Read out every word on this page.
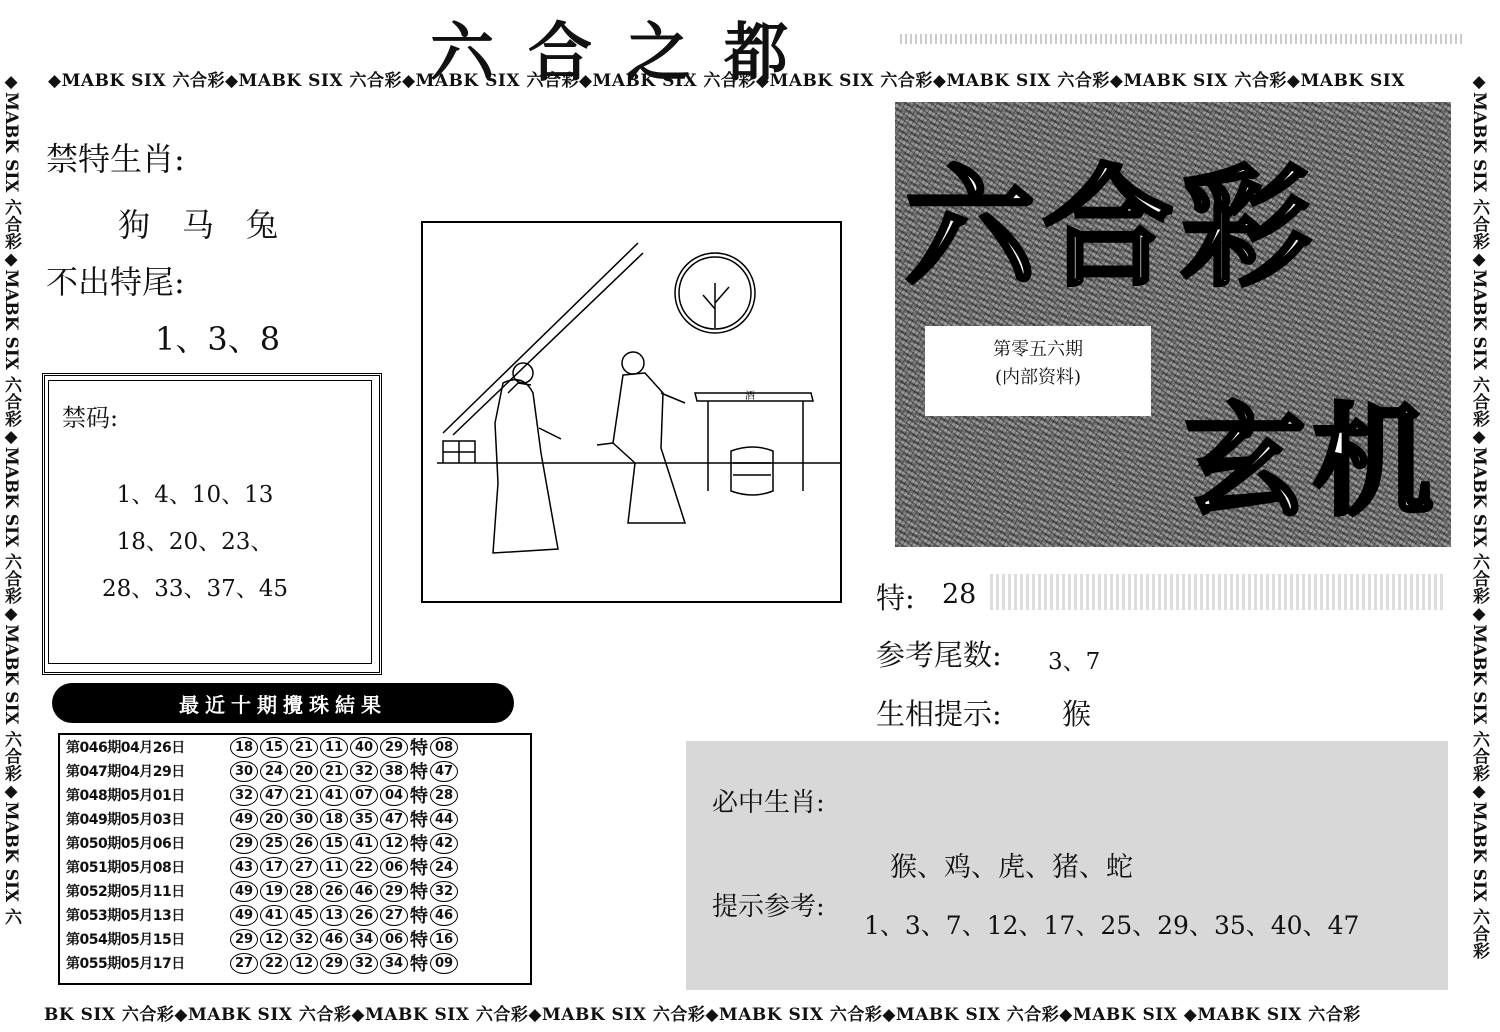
六合之都
◆MABK SIX 六合彩◆MABK SIX 六合彩◆MABK SIX 六合彩◆MABK SIX 六合彩◆MABK SIX 六合彩◆MABK SIX 六合彩◆MABK SIX 六合彩◆MABK SIX
BK SIX 六合彩◆MABK SIX 六合彩◆MABK SIX 六合彩◆MABK SIX 六合彩◆MABK SIX 六合彩◆MABK SIX 六合彩◆MABK SIX ◆MABK SIX 六合彩
◆MABK SIX 六合彩◆MABK SIX 六合彩◆MABK SIX 六合彩◆MABK SIX 六合彩◆MABK SIX 六	◆MABK SIX 六合彩◆MABK SIX 六合彩◆MABK SIX 六合彩◆MABK SIX 六合彩◆MABK SIX 六合彩
禁特生肖:
狗　马　兔
不出特尾:
1、3、8
禁码:
1、4、10、13
18、20、23、
28、33、37、45
酒
最近十期攪珠結果
第046期04月26日	18 15 21 11 40 29 特 08
第047期04月29日	30 24 20 21 32 38 特 47
第048期05月01日	32 47 21 41 07 04 特 28
第049期05月03日	49 20 30 18 35 47 特 44
第050期05月06日	29 25 26 15 41 12 特 42
第051期05月08日	43 17 27 11 22 06 特 24
第052期05月11日	49 19 28 26 46 29 特 32
第053期05月13日	49 41 45 13 26 27 特 46
第054期05月15日	29 12 32 46 34 06 特 16
第055期05月17日	27 22 12 29 32 34 特 09
六合彩
玄机
第零五六期
(内部资料)
特: 28
参考尾数: 3、7
生相提示: 猴
必中生肖:
猴、鸡、虎、猪、蛇
提示参考:
1、3、7、12、17、25、29、35、40、47
